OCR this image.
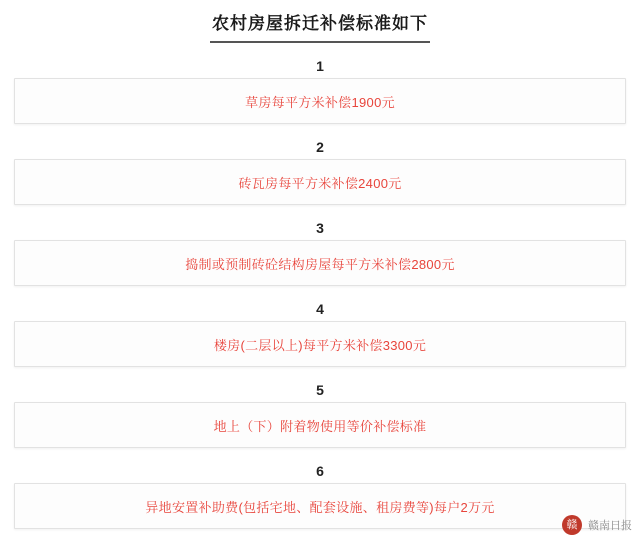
农村房屋拆迁补偿标准如下
1
草房每平方米补偿1900元
2
砖瓦房每平方米补偿2400元
3
捣制或预制砖砼结构房屋每平方米补偿2800元
4
楼房(二层以上)每平方米补偿3300元
5
地上（下）附着物使用等价补偿标准
6
异地安置补助费(包括宅地、配套设施、租房费等)每户2万元
赣 赣南日报
